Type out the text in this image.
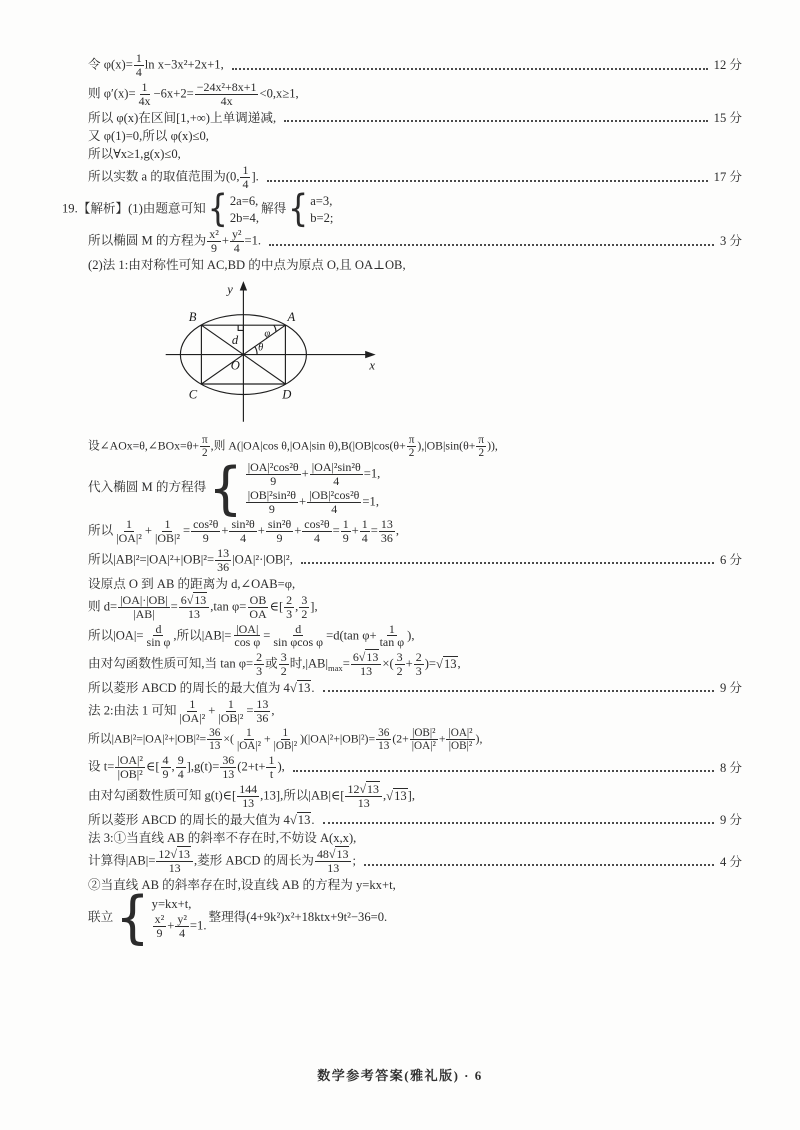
令 $\varphi(x)= \frac{1}{4}$ ln x−3x²+2x+1,	12 分
则 $\varphi'(x)= \frac{1}{4x} -6x+2= \frac{\text{−24x²+8x+1}}{4x} <0,x\ge 1$,
所以 φ(x)在区间[1,+∞)上单调递减,	15 分
又 φ(1)=0,所以 φ(x)≤0,
所以∀x≥1,g(x)≤0,
所以实数 a 的取值范围为(0, $\frac{1}{4}$ ].	17 分
19.【解析】(1)由题意可知 { 2a=6,
2b=4,
解得 { a=3,
b=2;
所以椭圆 M 的方程为 $\frac{\text{x²}}{9} + \frac{\text{y²}}{4} =1$.	3 分
(2)法 1:由对称性可知 AC,BD 的中点为原点 O,且 OA⊥OB,
y
x
A
B
C	D
O
d
θ
φ
设∠AOx=θ,∠BOx=θ+ $\frac{\pi}{2}$ ,则 A(|OA|cos θ,|OA|sin $\theta),B(|OB|\cos(\theta+ \frac{\pi}{2} ),|OB|\sin(\theta+ \frac{\pi}{2}$ )),
代入椭圆 M 的方程得 { $\frac{\text{|OA|²cos²θ}}{9} + \frac{\text{|OA|²sin²θ}}{4} =1$,
$\frac{\text{|OB|²sin²θ}}{9} + \frac{\text{|OB|²cos²θ}}{4} =1$,
所以 $\frac{1}{\text{|OA|²}} + \frac{1}{\text{|OB|²}} = \frac{\text{cos²θ}}{9} + \frac{\text{sin²θ}}{4} + \frac{\text{sin²θ}}{9} + \frac{\text{cos²θ}}{4} = \frac{1}{9} + \frac{1}{4} = \frac{13}{36}$ ,
所以$|AB|^2=|OA|^2+|OB|^2= \frac{13}{36} |OA|^2\cdot|OB|^2$,	6 分
设原点 O 到 AB 的距离为 d,∠OAB=φ,
则 $d= \frac{|OA|\cdot|OB|}{|AB|} = \frac{6√13}{13} ,\tan$ $\varphi= \frac{OB}{OA}$ ∈[ $\frac{2}{3}$ , $\frac{3}{2}$ ],
所以$|OA|= \frac{d}{\text{sin φ}}$ ,所以$|AB|= \frac{|OA|}{\text{cos φ}} = \frac{d}{\text{sin φcos φ}} =d(\tan$ $\varphi+ \frac{1}{\text{tan φ}}$ ),
由对勾函数性质可知,当 $\tan \varphi= \frac{2}{3}$ 或 $\frac{3}{2}$ 时$,|AB|_{max}= \frac{6√13}{13}$ ×( $\frac{3}{2} + \frac{2}{3} )=√13$,
所以菱形 ABCD 的周长的最大值为 4√13.	9 分
法 2:由法 1 可知 $\frac{1}{\text{|OA|²}} + \frac{1}{\text{|OB|²}} = \frac{13}{36}$ ,
所以$|AB|^2=|OA|^2+|OB|^2= \frac{36}{13}$ ×( $\frac{1}{\text{|OA|²}} + \frac{1}{\text{|OB|²}} )(|OA|^2+|OB|^2)= \frac{36}{13} (2+ \frac{\text{|OB|²}}{\text{|OA|²}} + \frac{\text{|OA|²}}{\text{|OB|²}}$ ),
设 $t= \frac{\text{|OA|²}}{\text{|OB|²}}$ ∈[ $\frac{4}{9}$ , $\frac{9}{4} ],g(t)= \frac{36}{13} (2+t+ \frac{1}{t}$ ),	8 分
由对勾函数性质可知 g(t)∈[ $\frac{144}{13} ,13$],所以|AB|∈[ $\frac{12√13}{13} ,√13$],
所以菱形 ABCD 的周长的最大值为 4√13.	9 分
法 3:①当直线 AB 的斜率不存在时,不妨设 A(x,x),
计算得$|AB|= \frac{12√13}{13}$ ,菱形 ABCD 的周长为 $\frac{48√13}{13}$ ;	4 分
②当直线 AB 的斜率存在时,设直线 AB 的方程为 y=kx+t,
联立 { y=kx+t,
$\frac{\text{x²}}{9} + \frac{\text{y²}}{4} =1$.
整理得(4+9k²)x²+18ktx+9t²−36=0.
数学参考答案(雅礼版) · 6
